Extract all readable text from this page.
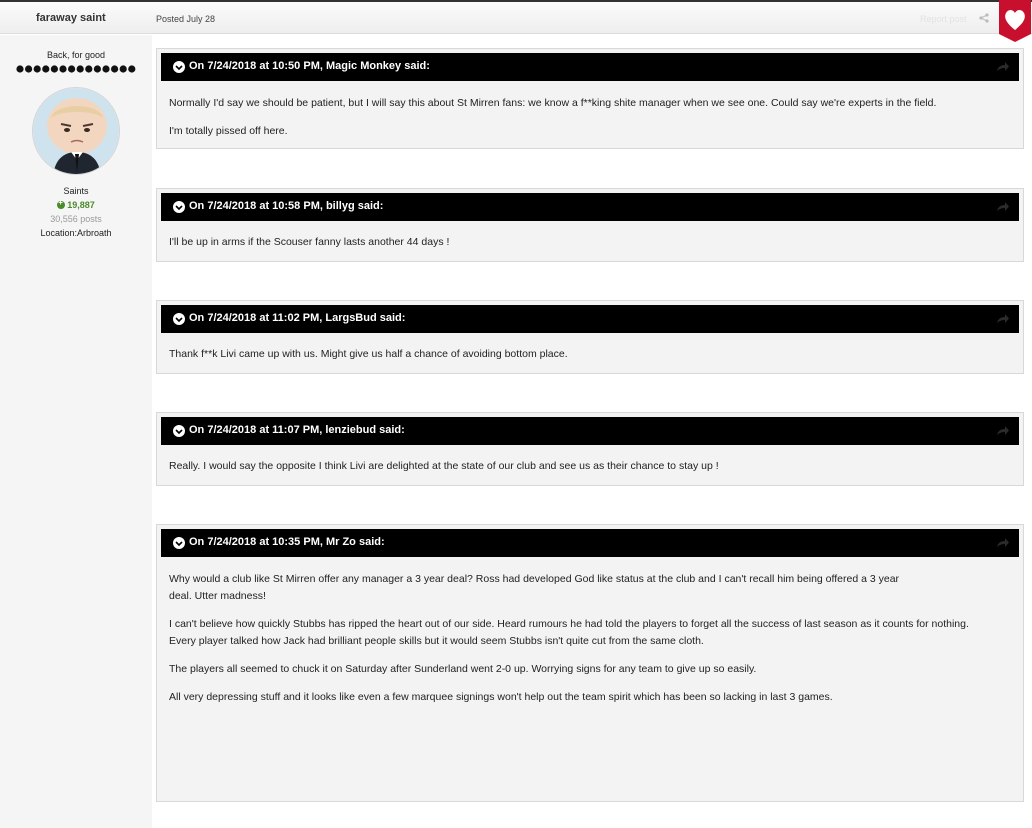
faraway saint	Posted July 28	Report post
Back, for good
Saints
+19,887
30,556 posts
Location:Arbroath
On 7/24/2018 at 10:50 PM, Magic Monkey said:

Normally I'd say we should be patient, but I will say this about St Mirren fans: we know a f**king shite manager when we see one. Could say we're experts in the field.

I'm totally pissed off here.

On 7/24/2018 at 10:58 PM, billyg said:

I'll be up in arms if the Scouser fanny lasts another 44 days !

On 7/24/2018 at 11:02 PM, LargsBud said:

Thank f**k Livi came up with us. Might give us half a chance of avoiding bottom place.

On 7/24/2018 at 11:07 PM, lenziebud said:

Really. I would say the opposite I think Livi are delighted at the state of our club and see us as their chance to stay up !

On 7/24/2018 at 10:35 PM, Mr Zo said:

Why would a club like St Mirren offer any manager a 3 year deal? Ross had developed God like status at the club and I can't recall him being offered a 3 year

deal. Utter madness!

I can't believe how quickly Stubbs has ripped the heart out of our side. Heard rumours he had told the players to forget all the success of last season as it counts for nothing.

Every player talked how Jack had brilliant people skills but it would seem Stubbs isn't quite cut from the same cloth.

The players all seemed to chuck it on Saturday after Sunderland went 2-0 up. Worrying signs for any team to give up so easily.

All very depressing stuff and it looks like even a few marquee signings won't help out the team spirit which has been so lacking in last 3 games.
